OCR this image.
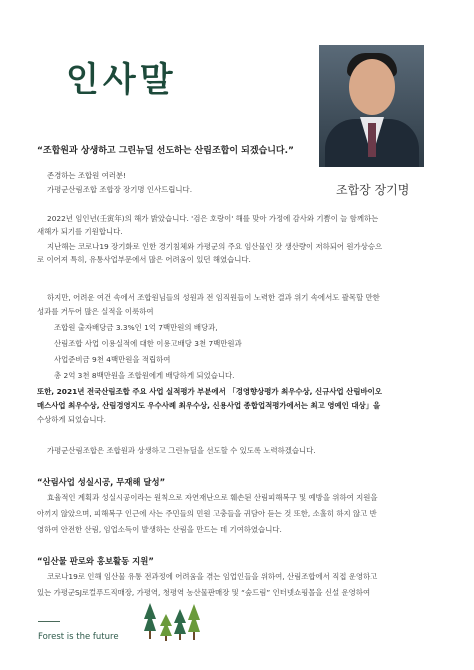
인사말
조합장 장기명
“조합원과 상생하고 그린뉴딜 선도하는 산림조합이 되겠습니다.”
존경하는 조합원 여러분!
가평군산림조합 조합장 장기명 인사드립니다.
2022년 임인년(壬寅年)의 해가 밝았습니다. '검은 호랑이' 해를 맞아 가정에 감사와 기쁨이 늘 함께하는
새해가 되기를 기원합니다.
지난해는 코로나19 장기화로 인한 경기침체와 가평군의 주요 임산물인 잣 생산량이 저하되어 원가상승으
로 이어져 특히, 유통사업부문에서 많은 어려움이 있던 해였습니다.
하지만, 어려운 여건 속에서 조합원님들의 성원과 전 임직원들이 노력한 결과 위기 속에서도 괄목할 만한
성과를 거두어 많은 실적을 이룩하여
조합원 출자배당금 3.3%인 1억 7백만원의 배당과,
산림조합 사업 이용실적에 대한 이용고배당 3천 7백만원과
사업준비금 9천 4백만원을 적립하여
총 2억 3천 8백만원을 조합원에게 배당하게 되었습니다.
또한, 2021년 전국산림조합 주요 사업 실적평가 부분에서 「경영향상평가 최우수상, 신규사업 산림바이오
매스사업 최우수상, 산림경영지도 우수사례 최우수상, 신용사업 종합업적평가에서는 최고 영예인 대상」을
수상하게 되었습니다.
가평군산림조합은 조합원과 상생하고 그린뉴딜을 선도할 수 있도록 노력하겠습니다.
“산림사업 성실시공, 무재해 달성”
효율적인 계획과 성실시공이라는 원칙으로 자연재난으로 훼손된 산림피해복구 및 예방을 위하여 지원을
아끼지 않았으며, 피해복구 인근에 사는 주민들의 민원 고충들을 귀담아 듣는 것 또한, 소홀히 하지 않고 반
영하여 안전한 산림, 임업소득이 발생하는 산림을 만드는 데 기여하였습니다.
“임산물 판로와 홍보활동 지원”
코로나19로 인해 임산물 유통 전과정에 어려움을 겪는 임업인들을 위하여, 산림조합에서 직접 운영하고
있는 가평군SJ로컬푸드직매장, 가평역, 청평역 농산물판매장 및 “숲드림” 인터넷쇼핑몰을 신설 운영하여
Forest is the future
